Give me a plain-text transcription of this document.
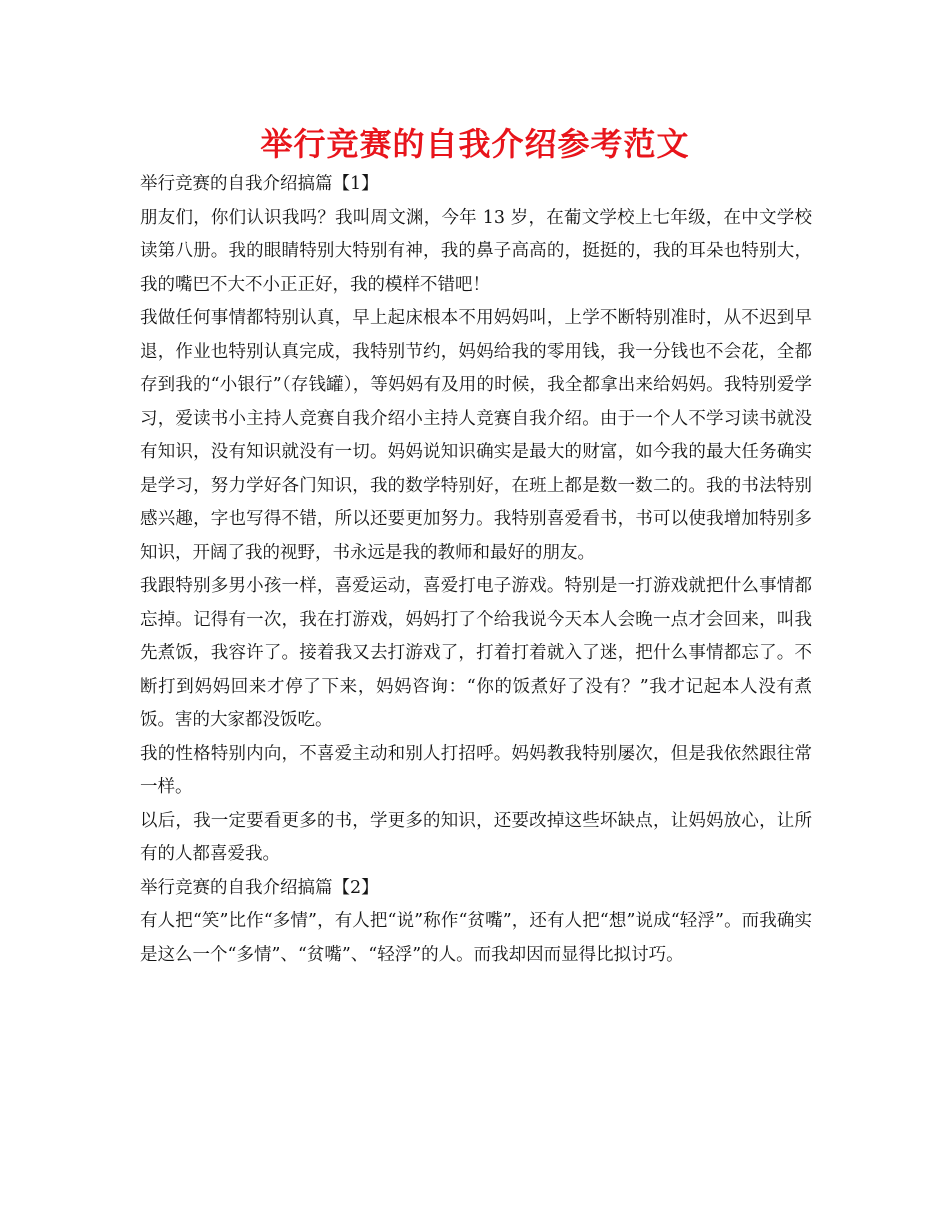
举行竞赛的自我介绍参考范文

举行竞赛的自我介绍搞篇【1】

朋友们，你们认识我吗？我叫周文渊，今年 13 岁，在葡文学校上七年级，在中文学校读第八册。我的眼睛特别大特别有神，我的鼻子高高的，挺挺的，我的耳朵也特别大，我的嘴巴不大不小正正好，我的模样不错吧！

我做任何事情都特别认真，早上起床根本不用妈妈叫，上学不断特别准时，从不迟到早退，作业也特别认真完成，我特别节约，妈妈给我的零用钱，我一分钱也不会花，全都存到我的“小银行”（存钱罐），等妈妈有及用的时候，我全都拿出来给妈妈。我特别爱学习，爱读书小主持人竞赛自我介绍小主持人竞赛自我介绍。由于一个人不学习读书就没有知识，没有知识就没有一切。妈妈说知识确实是最大的财富，如今我的最大任务确实是学习，努力学好各门知识，我的数学特别好，在班上都是数一数二的。我的书法特别感兴趣，字也写得不错，所以还要更加努力。我特别喜爱看书，书可以使我增加特别多知识，开阔了我的视野，书永远是我的教师和最好的朋友。

我跟特别多男小孩一样，喜爱运动，喜爱打电子游戏。特别是一打游戏就把什么事情都忘掉。记得有一次，我在打游戏，妈妈打了个给我说今天本人会晚一点才会回来，叫我先煮饭，我容许了。接着我又去打游戏了，打着打着就入了迷，把什么事情都忘了。不断打到妈妈回来才停了下来，妈妈咨询：“你的饭煮好了没有？”我才记起本人没有煮饭。害的大家都没饭吃。

我的性格特别内向，不喜爱主动和别人打招呼。妈妈教我特别屡次，但是我依然跟往常一样。

以后，我一定要看更多的书，学更多的知识，还要改掉这些坏缺点，让妈妈放心，让所有的人都喜爱我。

举行竞赛的自我介绍搞篇【2】

有人把“笑”比作“多情”，有人把“说”称作“贫嘴”，还有人把“想”说成“轻浮”。而我确实是这么一个“多情”、“贫嘴”、“轻浮”的人。而我却因而显得比拟讨巧。
